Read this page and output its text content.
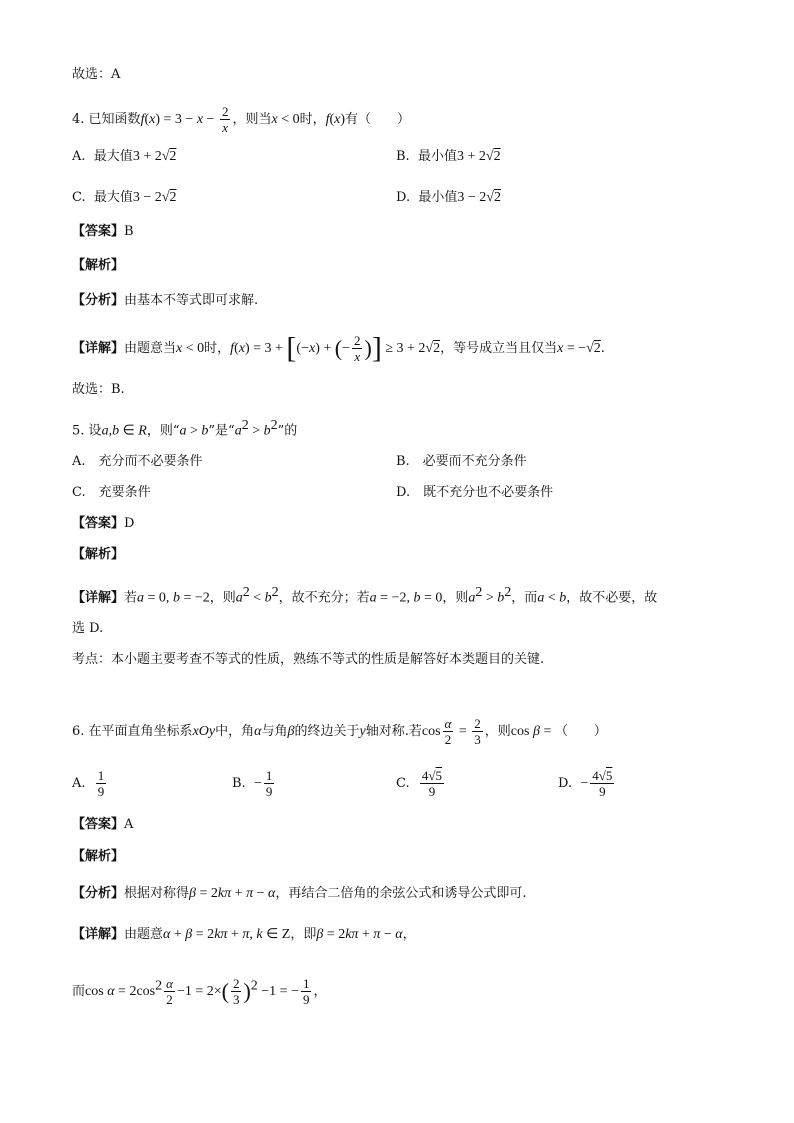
故选：A
4. 已知函数$f(x) = 3 - x - \frac{2}{x}$ ，则当x < 0时，f(x)有（　　）
A. 最大值3 + 2√2	B. 最小值3 + 2√2
C. 最大值3 − 2√2	D. 最小值3 − 2√2
【答案】B
【解析】
【分析】由基本不等式即可求解.
【详解】由题意当x < 0时，f(x) = 3 + [(−x) + (− $\frac{2}{x}$ )] ≥ 3 + 2√2，等号成立当且仅当x = −√2.
故选：B.
5. 设a,b ∈ R，则“a > b”是“$a^2 > b^2$”的
A.　充分而不必要条件	B.　必要而不充分条件
C.　充要条件	D.　既不充分也不必要条件
【答案】D
【解析】
【详解】若a = 0, b = −2，则$a^2 < b^2$，故不充分；若a = −2, b = 0，则$a^2 > b^2$，而a < b，故不必要，故
选 D.
考点：本小题主要考查不等式的性质，熟练不等式的性质是解答好本类题目的关键.
6. 在平面直角坐标系xOy中，角α与角β的终边关于y轴对称.若$\cos \frac{\alpha}{2} = \frac{2}{3}$ ，则cos β = （　　）
A. $\frac{1}{9}$	B. − $\frac{1}{9}$	C. $\frac{4√5}{9}$	D. − $\frac{4√5}{9}$
【答案】A
【解析】
【分析】根据对称得β = 2kπ + π − α，再结合二倍角的余弦公式和诱导公式即可.
【详解】由题意α + β = 2kπ + π, k ∈ Z，即β = 2kπ + π − α，
而$\cos \alpha = 2\cos^2 \frac{\alpha}{2} -1 = 2\times( \frac{2}{3} )^2 -1$ = − $\frac{1}{9}$ ，
